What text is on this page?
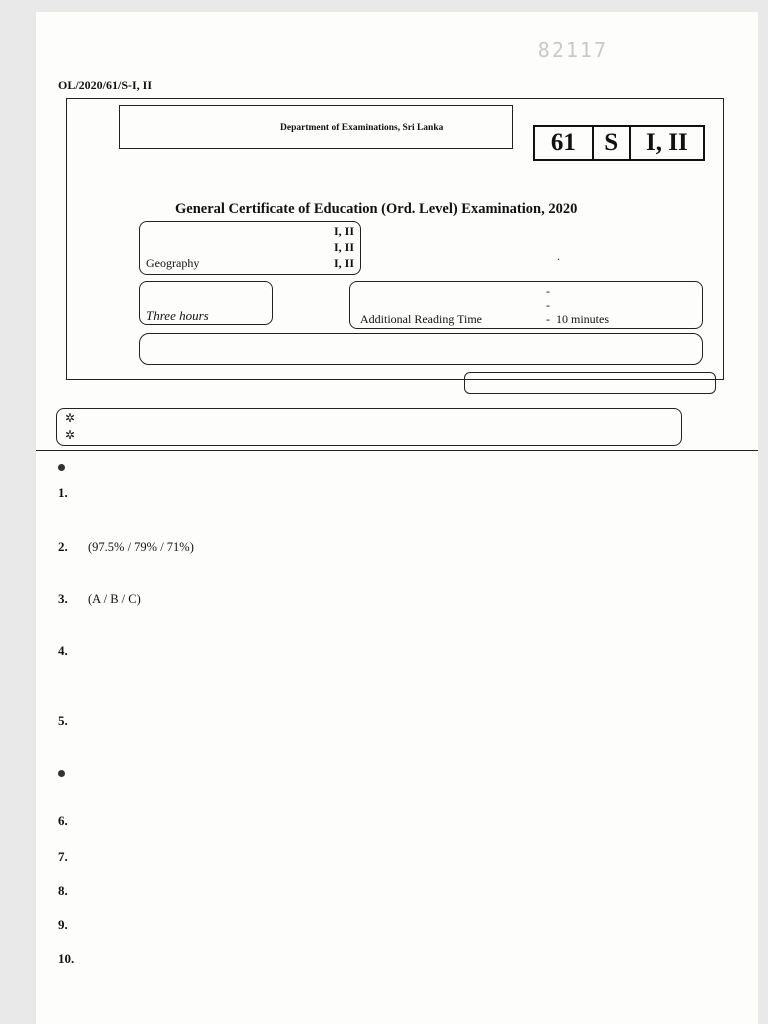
82117
OL/2020/61/S-I, II
Department of Examinations, Sri Lanka
61	S	I, II
General Certificate of Education (Ord. Level) Examination, 2020
I, II
I, II
Geography	I, II	.
Three hours
-
-
Additional Reading Time	- 10 minutes
✲
✲
1.
2. (97.5% / 79% / 71%)
3. (A / B / C)
4.
5.

6.
7.
8.
9.
10.
